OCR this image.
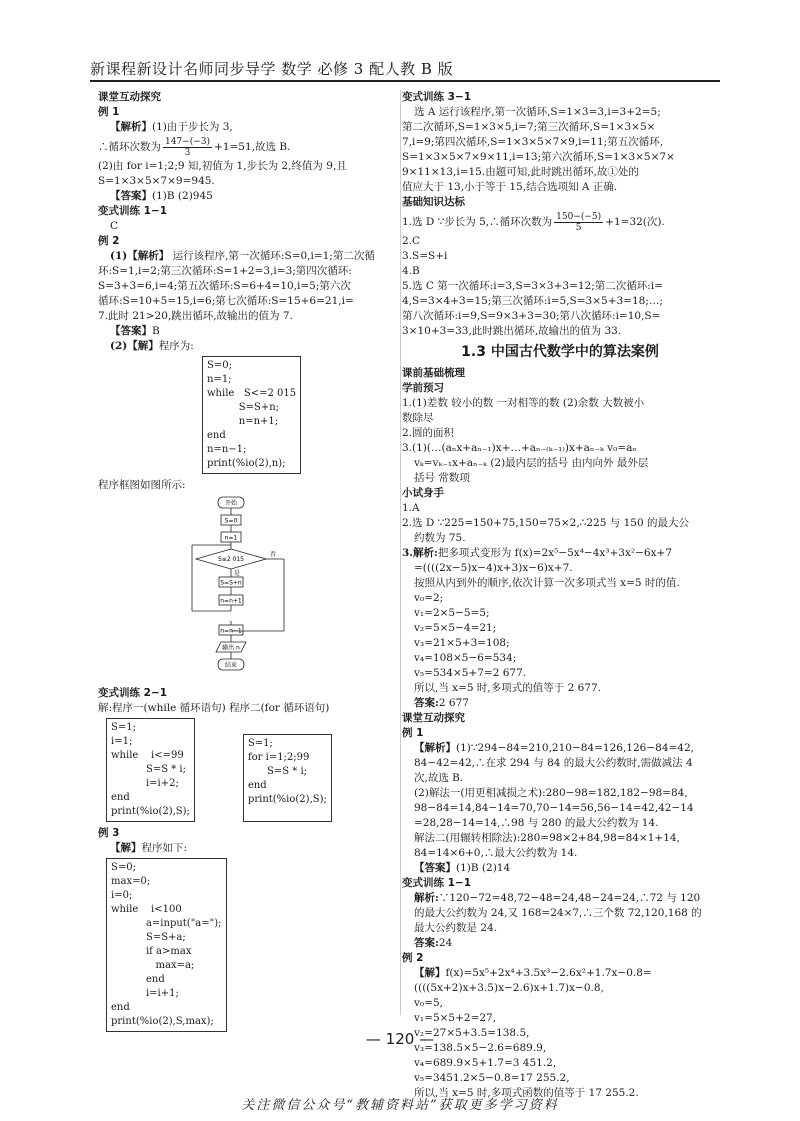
新课程新设计名师同步导学 数学 必修 3 配人教 B 版
课堂互动探究
例 1
【解析】(1)由于步长为 3,
∴循环次数为 $\frac{147-(-3)}{3} +1=51$,故选 B.
(2)由 for i=1;2;9 知,初值为 1,步长为 2,终值为 9,且
S=1×3×5×7×9=945.
【答案】(1)B (2)945
变式训练 1−1
C
例 2
(1)【解析】 运行该程序,第一次循环:S=0,i=1;第二次循
环:S=1,i=2;第三次循环:S=1+2=3,i=3;第四次循环:
S=3+3=6,i=4;第五次循环:S=6+4=10,i=5;第六次
循环:S=10+5=15,i=6;第七次循环:S=15+6=21,i=
7.此时 21>20,跳出循环,故输出的值为 7.
【答案】B
(2)【解】程序为:
S=0;
n=1;
while   S<=2 015
S=S+n;
n=n+1;
end
n=n−1;
print(%io(2),n);
程序框图如图所示:
开始
S=0
n=1
S≤2 015
是
否
S=S+n
n=n+1
n=n−1
输出 n
结束
变式训练 2−1
解:程序一(while 循环语句) 程序二(for 循环语句)
S=1;
i=1;
while    i<=99
S=S * i;
i=i+2;
end
print(%io(2),S);
S=1;
for i=1;2;99
S=S * i;
end
print(%io(2),S);
例 3
【解】程序如下:
S=0;
max=0;
i=0;
while    i<100
a=input("a=");
S=S+a;
if a>max
max=a;
end
i=i+1;
end
print(%io(2),S,max);
变式训练 3−1
选 A 运行该程序,第一次循环,S=1×3=3,i=3+2=5;
第二次循环,S=1×3×5,i=7;第三次循环,S=1×3×5×
7,i=9;第四次循环,S=1×3×5×7×9,i=11;第五次循环,
S=1×3×5×7×9×11,i=13;第六次循环,S=1×3×5×7×
9×11×13,i=15.由题可知,此时跳出循环,故①处的
值应大于 13,小于等于 15,结合选项知 A 正确.
基础知识达标
1.选 D ∵步长为 5,∴循环次数为 $\frac{150-(-5)}{5} +1=32$(次).
2.C
3.S=S+i
4.B
5.选 C 第一次循环:i=3,S=3×3+3=12;第二次循环:i=
4,S=3×4+3=15;第三次循环:i=5,S=3×5+3=18;…;
第八次循环:i=9,S=9×3+3=30;第八次循环:i=10,S=
3×10+3=33,此时跳出循环,故输出的值为 33.
1.3 中国古代数学中的算法案例
课前基础梳理
学前预习
1.(1)差数 较小的数 一对相等的数 (2)余数 大数被小
数除尽
2.圆的面积
3.(1)(…(aₙx+aₙ₋₁)x+…+aₙ₋₍ₖ₋₁₎)x+aₙ₋ₖ v₀=aₙ
vₖ=vₖ₋₁x+aₙ₋ₖ (2)最内层的括号 由内向外 最外层
括号 常数项
小试身手
1.A
2.选 D ∵225=150+75,150=75×2,∴225 与 150 的最大公
约数为 75.
3.解析:把多项式变形为 f(x)=2x⁵−5x⁴−4x³+3x²−6x+7
=((((2x−5)x−4)x+3)x−6)x+7.
按照从内到外的顺序,依次计算一次多项式当 x=5 时的值.
v₀=2;
v₁=2×5−5=5;
v₂=5×5−4=21;
v₃=21×5+3=108;
v₄=108×5−6=534;
v₅=534×5+7=2 677.
所以,当 x=5 时,多项式的值等于 2 677.
答案:2 677
课堂互动探究
例 1
【解析】(1)∵294−84=210,210−84=126,126−84=42,
84−42=42,∴在求 294 与 84 的最大公约数时,需做减法 4
次,故选 B.
(2)解法一(用更相减损之术):280−98=182,182−98=84,
98−84=14,84−14=70,70−14=56,56−14=42,42−14
=28,28−14=14,∴98 与 280 的最大公约数为 14.
解法二(用辗转相除法):280=98×2+84,98=84×1+14,
84=14×6+0,∴最大公约数为 14.
【答案】(1)B (2)14
变式训练 1−1
解析:∵120−72=48,72−48=24,48−24=24,∴72 与 120
的最大公约数为 24,又 168=24×7,∴三个数 72,120,168 的
最大公约数是 24.
答案:24
例 2
【解】f(x)=5x⁵+2x⁴+3.5x³−2.6x²+1.7x−0.8=
((((5x+2)x+3.5)x−2.6)x+1.7)x−0.8,
v₀=5,
v₁=5×5+2=27,
v₂=27×5+3.5=138.5,
v₃=138.5×5−2.6=689.9,
v₄=689.9×5+1.7=3 451.2,
v₅=3451.2×5−0.8=17 255.2,
所以,当 x=5 时,多项式函数的值等于 17 255.2.
— 120 —
关注微信公众号“教辅资料站”获取更多学习资料
